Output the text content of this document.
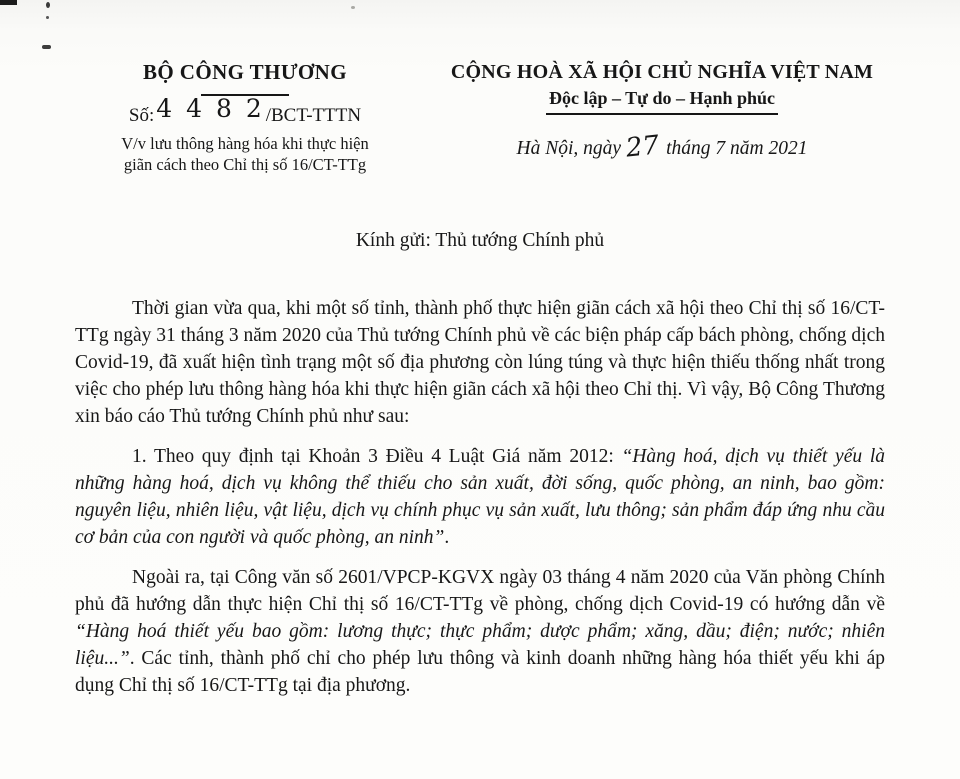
BỘ CÔNG THƯƠNG
Số:4 4 8 2/BCT-TTTN
V/v lưu thông hàng hóa khi thực hiện
giãn cách theo Chỉ thị số 16/CT-TTg
CỘNG HOÀ XÃ HỘI CHỦ NGHĨA VIỆT NAM
Độc lập – Tự do – Hạnh phúc
Hà Nội, ngày 27 tháng 7 năm 2021
Kính gửi: Thủ tướng Chính phủ

Thời gian vừa qua, khi một số tỉnh, thành phố thực hiện giãn cách xã hội theo Chỉ thị số 16/CT-TTg ngày 31 tháng 3 năm 2020 của Thủ tướng Chính phủ về các biện pháp cấp bách phòng, chống dịch Covid-19, đã xuất hiện tình trạng một số địa phương còn lúng túng và thực hiện thiếu thống nhất trong việc cho phép lưu thông hàng hóa khi thực hiện giãn cách xã hội theo Chỉ thị. Vì vậy, Bộ Công Thương xin báo cáo Thủ tướng Chính phủ như sau:

1. Theo quy định tại Khoản 3 Điều 4 Luật Giá năm 2012: “Hàng hoá, dịch vụ thiết yếu là những hàng hoá, dịch vụ không thể thiếu cho sản xuất, đời sống, quốc phòng, an ninh, bao gồm: nguyên liệu, nhiên liệu, vật liệu, dịch vụ chính phục vụ sản xuất, lưu thông; sản phẩm đáp ứng nhu cầu cơ bản của con người và quốc phòng, an ninh”.

Ngoài ra, tại Công văn số 2601/VPCP-KGVX ngày 03 tháng 4 năm 2020 của Văn phòng Chính phủ đã hướng dẫn thực hiện Chỉ thị số 16/CT-TTg về phòng, chống dịch Covid-19 có hướng dẫn về “Hàng hoá thiết yếu bao gồm: lương thực; thực phẩm; dược phẩm; xăng, dầu; điện; nước; nhiên liệu...”. Các tỉnh, thành phố chỉ cho phép lưu thông và kinh doanh những hàng hóa thiết yếu khi áp dụng Chỉ thị số 16/CT-TTg tại địa phương.
